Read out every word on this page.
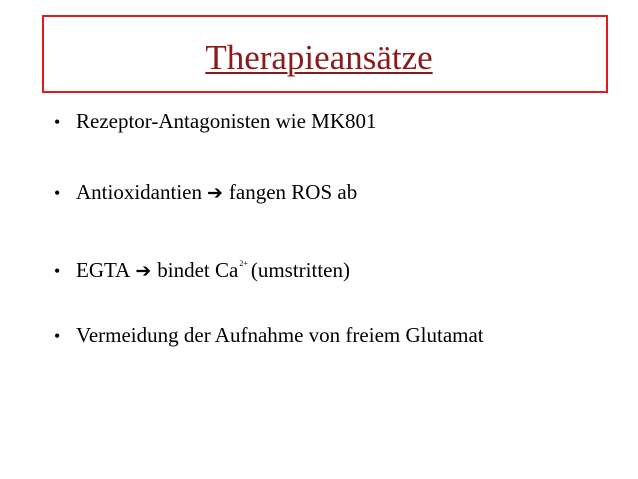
Therapieansätze
• Rezeptor-Antagonisten wie MK801
• Antioxidantien ➔ fangen ROS ab
• EGTA ➔ bindet $Ca^{2+}$ (umstritten)
• Vermeidung der Aufnahme von freiem Glutamat
